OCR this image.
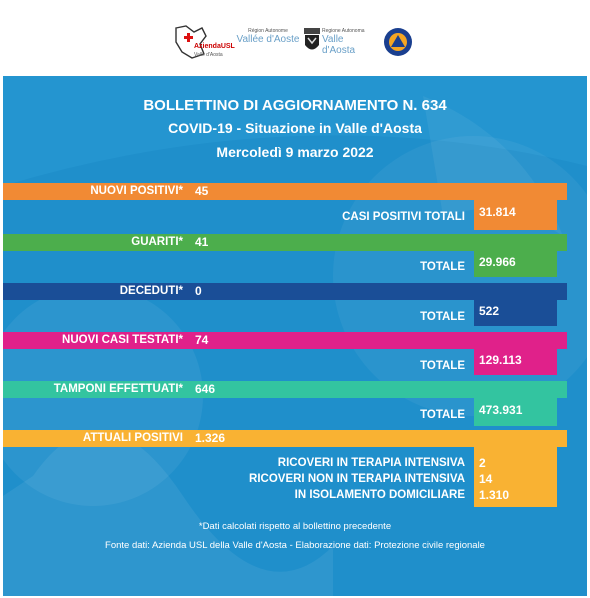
AziendaUSL
Valle d'Aosta
Région Autonome
Vallée d'Aoste
Regione Autonoma
Valle d'Aosta
BOLLETTINO DI AGGIORNAMENTO N. 634
COVID-19 - Situazione in Valle d'Aosta
Mercoledì 9 marzo 2022
NUOVI POSITIVI* 45
CASI POSITIVI TOTALI 31.814
GUARITI* 41
TOTALE 29.966
DECEDUTI* 0
TOTALE 522
NUOVI CASI TESTATI* 74
TOTALE 129.113
TAMPONI EFFETTUATI* 646
TOTALE 473.931
ATTUALI POSITIVI 1.326
RICOVERI IN TERAPIA INTENSIVA 2
RICOVERI NON IN TERAPIA INTENSIVA 14
IN ISOLAMENTO DOMICILIARE 1.310
*Dati calcolati rispetto al bollettino precedente
Fonte dati: Azienda USL della Valle d'Aosta - Elaborazione dati: Protezione civile regionale
